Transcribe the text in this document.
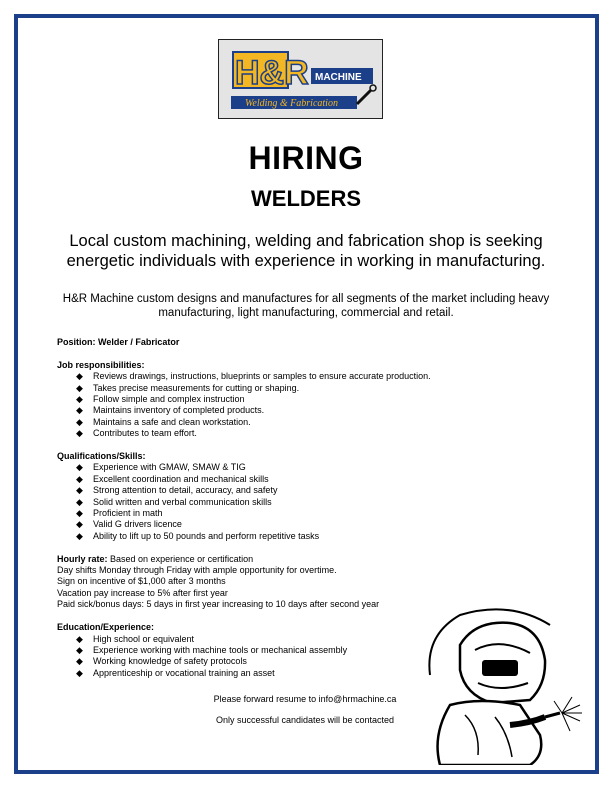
H&R MACHINE
Welding & Fabrication
HIRING
WELDERS
Local custom machining, welding and fabrication shop is seeking energetic individuals with experience in working in manufacturing.
H&R Machine custom designs and manufactures for all segments of the market including heavy manufacturing, light manufacturing, commercial and retail.

Position: Welder / Fabricator

Job responsibilities:

◆ Reviews drawings, instructions, blueprints or samples to ensure accurate production.
◆ Takes precise measurements for cutting or shaping.
◆ Follow simple and complex instruction
◆ Maintains inventory of completed products.
◆ Maintains a safe and clean workstation.
◆ Contributes to team effort.

Qualifications/Skills:

◆ Experience with GMAW, SMAW & TIG
◆ Excellent coordination and mechanical skills
◆ Strong attention to detail, accuracy, and safety
◆ Solid written and verbal communication skills
◆ Proficient in math
◆ Valid G drivers licence
◆ Ability to lift up to 50 pounds and perform repetitive tasks

Hourly rate: Based on experience or certification

Day shifts Monday through Friday with ample opportunity for overtime.

Sign on incentive of $1,000 after 3 months

Vacation pay increase to 5% after first year

Paid sick/bonus days: 5 days in first year increasing to 10 days after second year

Education/Experience:

◆ High school or equivalent
◆ Experience working with machine tools or mechanical assembly
◆ Working knowledge of safety protocols
◆ Apprenticeship or vocational training an asset
Please forward resume to info@hrmachine.ca
Only successful candidates will be contacted
